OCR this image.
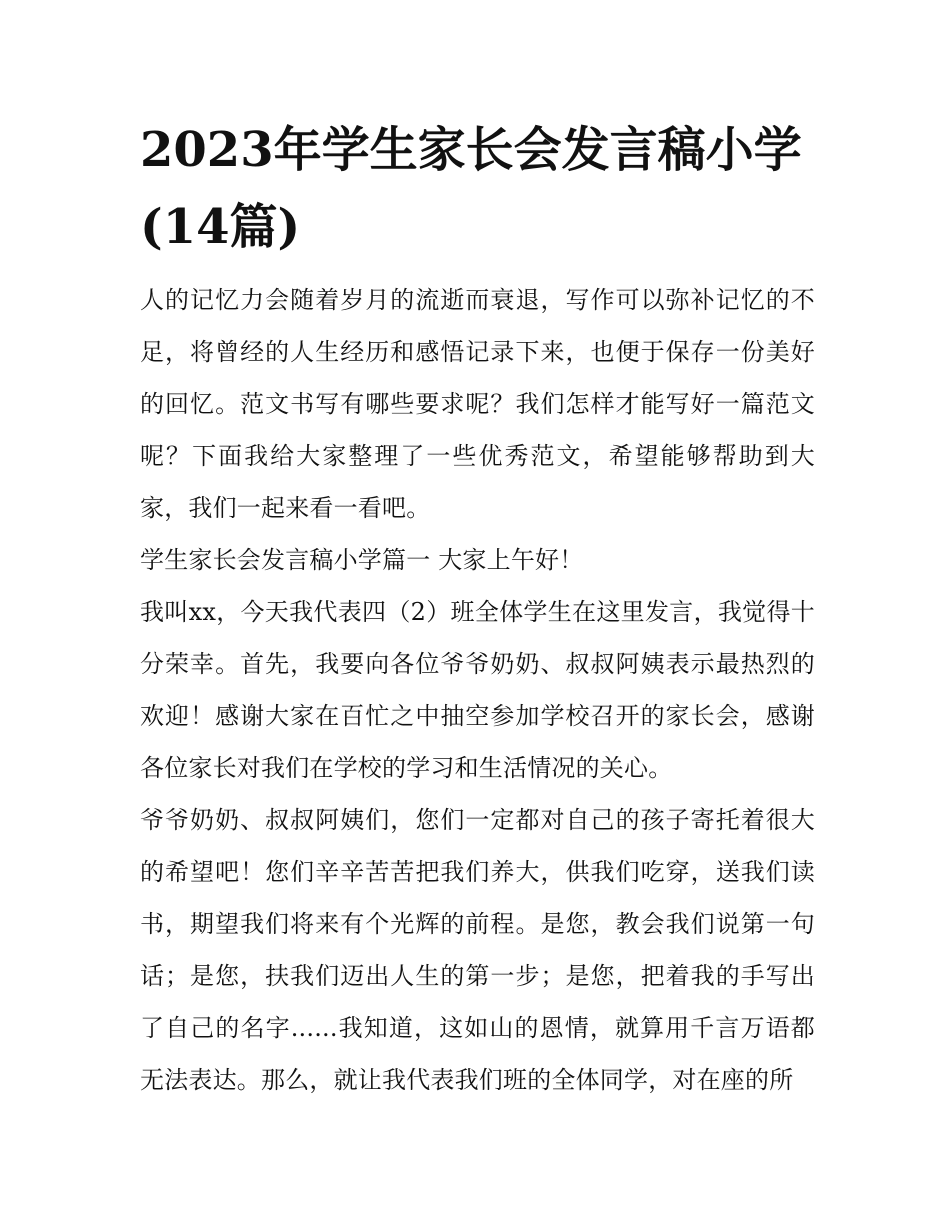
2023年学生家长会发言稿小学(14篇)

人的记忆力会随着岁月的流逝而衰退，写作可以弥补记忆的不足，将曾经的人生经历和感悟记录下来，也便于保存一份美好的回忆。范文书写有哪些要求呢？我们怎样才能写好一篇范文呢？下面我给大家整理了一些优秀范文，希望能够帮助到大家，我们一起来看一看吧。

学生家长会发言稿小学篇一 大家上午好！

我叫xx，今天我代表四（2）班全体学生在这里发言，我觉得十分荣幸。首先，我要向各位爷爷奶奶、叔叔阿姨表示最热烈的欢迎！感谢大家在百忙之中抽空参加学校召开的家长会，感谢各位家长对我们在学校的学习和生活情况的关心。

爷爷奶奶、叔叔阿姨们，您们一定都对自己的孩子寄托着很大的希望吧！您们辛辛苦苦把我们养大，供我们吃穿，送我们读书，期望我们将来有个光辉的前程。是您，教会我们说第一句话；是您，扶我们迈出人生的第一步；是您，把着我的手写出了自己的名字......我知道，这如山的恩情，就算用千言万语都无法表达。那么，就让我代表我们班的全体同学，对在座的所
